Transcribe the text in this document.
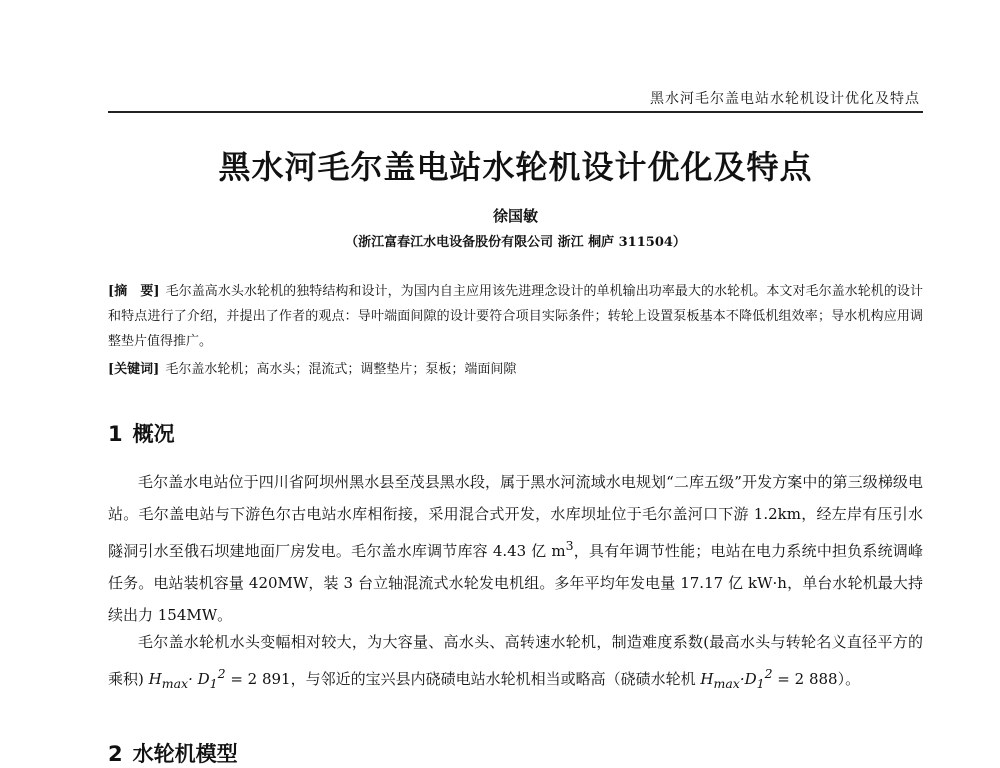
黑水河毛尔盖电站水轮机设计优化及特点
黑水河毛尔盖电站水轮机设计优化及特点
徐国敏
（浙江富春江水电设备股份有限公司 浙江 桐庐 311504）
[摘　要] 毛尔盖高水头水轮机的独特结构和设计，为国内自主应用该先进理念设计的单机输出功率最大的水轮机。本文对毛尔盖水轮机的设计和特点进行了介绍，并提出了作者的观点：导叶端面间隙的设计要符合项目实际条件；转轮上设置泵板基本不降低机组效率；导水机构应用调整垫片值得推广。
[关键词] 毛尔盖水轮机；高水头；混流式；调整垫片；泵板；端面间隙
1 概况

毛尔盖水电站位于四川省阿坝州黑水县至茂县黑水段，属于黑水河流域水电规划“二库五级”开发方案中的第三级梯级电站。毛尔盖电站与下游色尔古电站水库相衔接，采用混合式开发，水库坝址位于毛尔盖河口下游 1.2km，经左岸有压引水隧洞引水至俄石坝建地面厂房发电。毛尔盖水库调节库容 4.43 亿 $m^3$，具有年调节性能；电站在电力系统中担负系统调峰任务。电站装机容量 420MW，装 3 台立轴混流式水轮发电机组。多年平均年发电量 17.17 亿 kW·h，单台水轮机最大持续出力 154MW。

毛尔盖水轮机水头变幅相对较大，为大容量、高水头、高转速水轮机，制造难度系数(最高水头与转轮名义直径平方的乘积) $H_{max}\cdot D_1^2 = 2$ 891，与邻近的宝兴县内硗碛电站水轮机相当或略高（硗碛水轮机 $H_{max}\cdot D_1^2 = 2$ 888）。

2 水轮机模型
